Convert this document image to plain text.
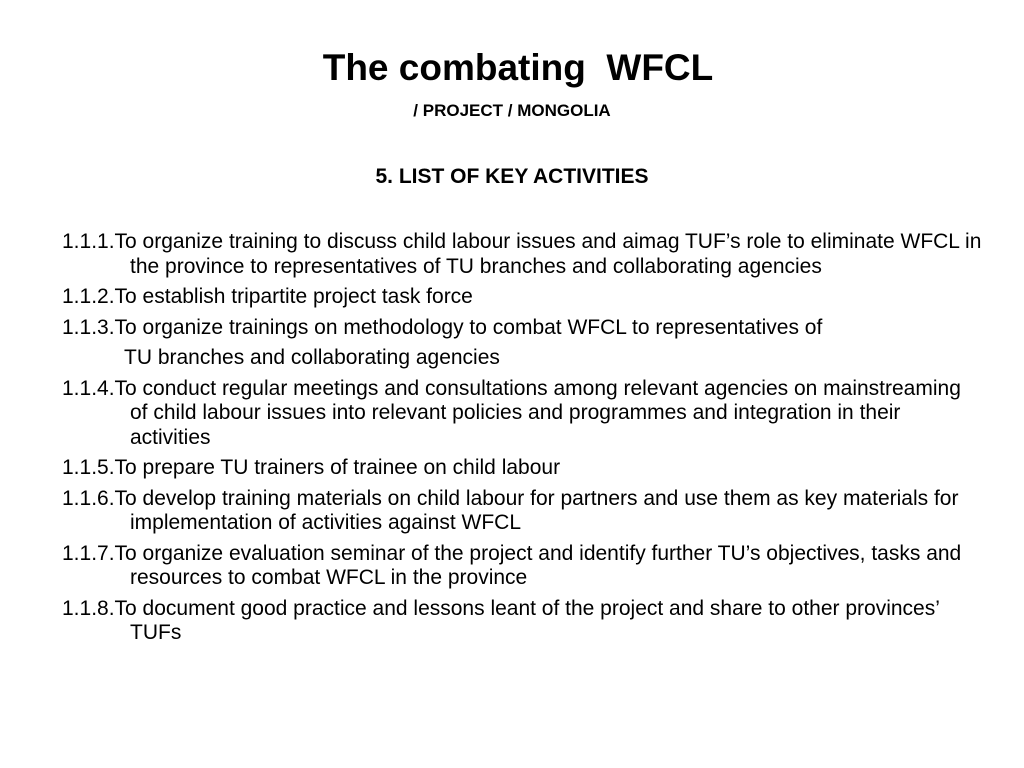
The combating  WFCL
/ PROJECT / MONGOLIA
5. LIST OF KEY ACTIVITIES
1.1.1.To organize training to discuss child labour issues and aimag TUF’s role to eliminate WFCL in the province to representatives of TU branches and collaborating agencies
1.1.2.To establish tripartite project task force
1.1.3.To organize trainings on methodology to combat WFCL to representatives of
TU branches and collaborating agencies
1.1.4.To conduct regular meetings and consultations among relevant agencies on mainstreaming of child labour issues into relevant policies and programmes and integration in their activities
1.1.5.To prepare TU trainers of trainee on child labour
1.1.6.To develop training materials on child labour for partners and use them as key materials for implementation of activities against WFCL
1.1.7.To organize evaluation seminar of the project and identify further TU’s objectives, tasks and resources to combat WFCL in the province
1.1.8.To document good practice and lessons leant of the project and share to other provinces’ TUFs
